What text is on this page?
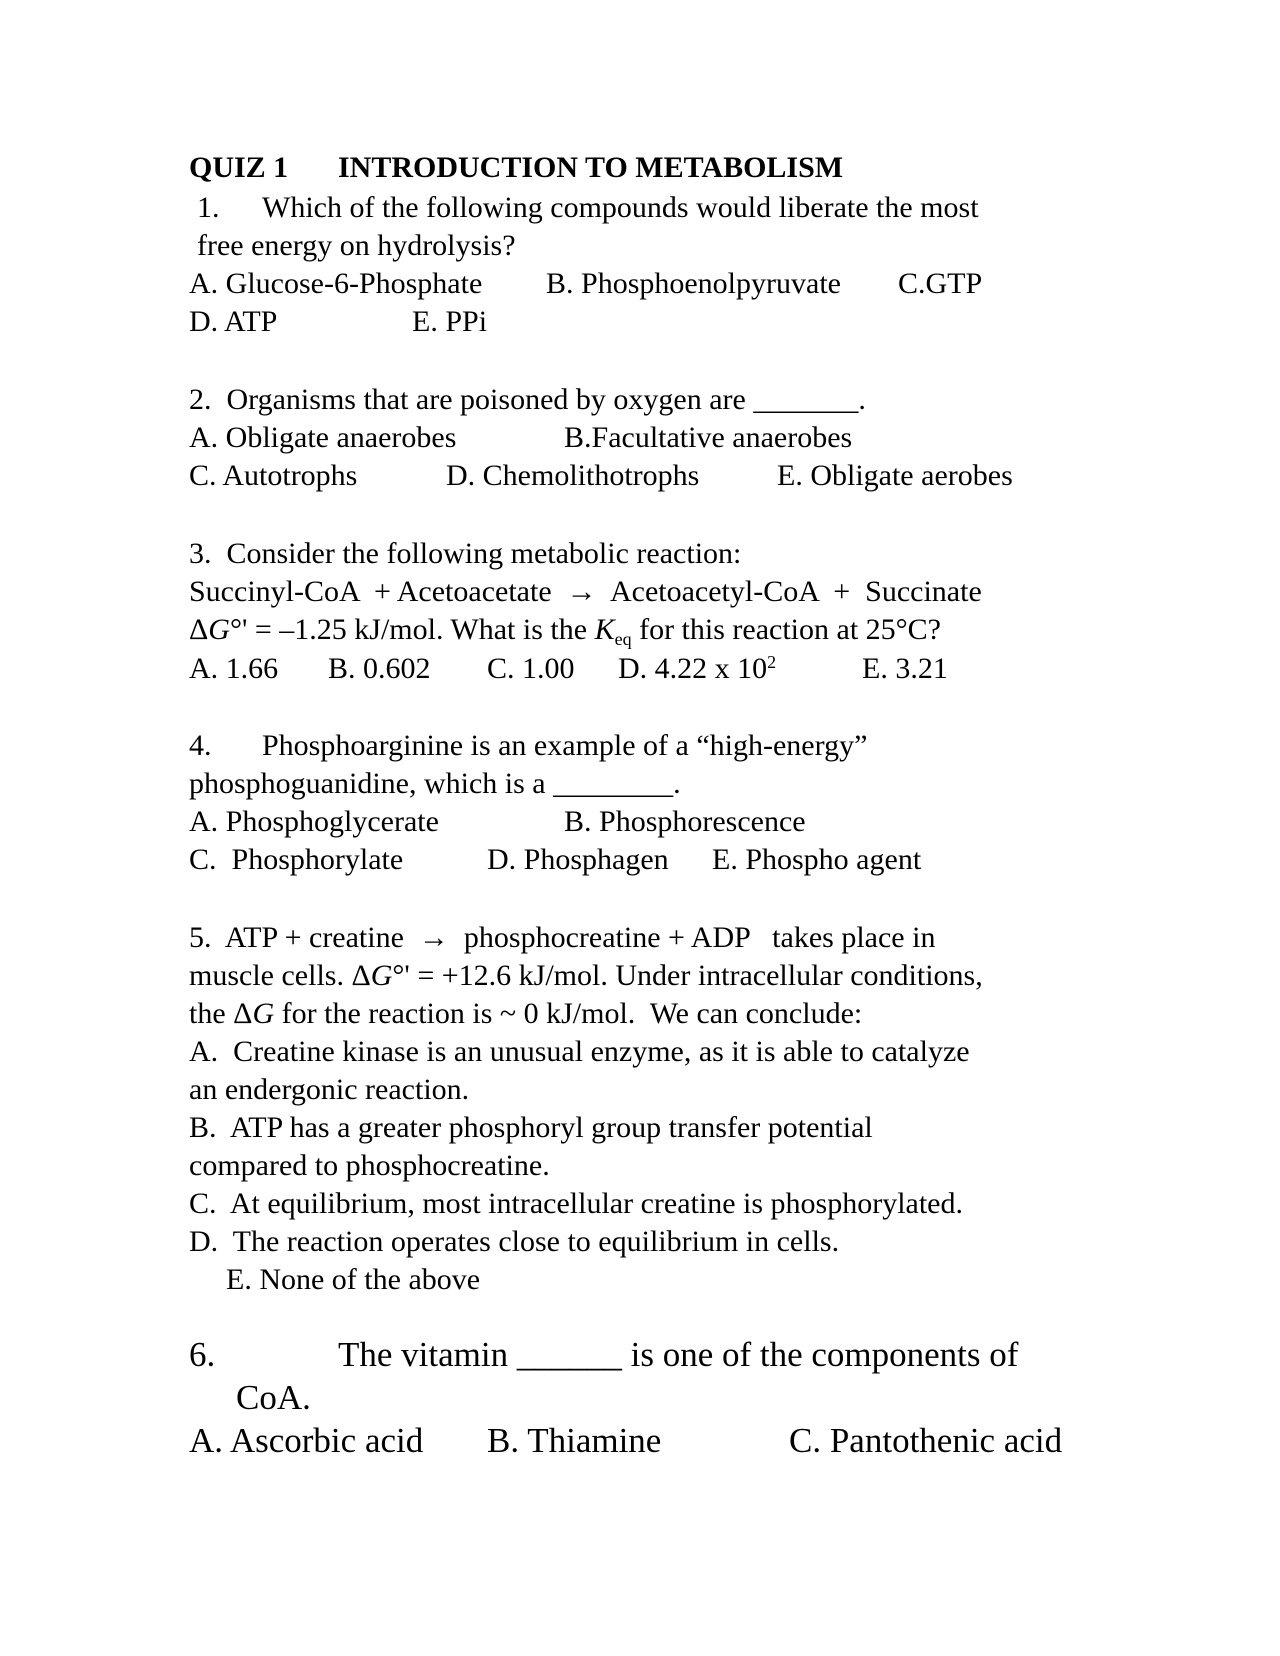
QUIZ 1 INTRODUCTION TO METABOLISM
1. Which of the following compounds would liberate the most
free energy on hydrolysis?
A. Glucose-6-Phosphate B. Phosphoenolpyruvate C.GTP
D. ATP	E. PPi
2.  Organisms that are poisoned by oxygen are _______.
A. Obligate anaerobes	B.Facultative anaerobes
C. Autotrophs	D. Chemolithotrophs	E. Obligate aerobes
3.  Consider the following metabolic reaction:
Succinyl-CoA  + Acetoacetate  →  Acetoacetyl-CoA  +  Succinate
ΔG°' = –1.25 kJ/mol. What is the $K_{eq}$ for this reaction at 25°C?
A. 1.66 B. 0.602 C. 1.00 D. 4.22 x $10^2$	E. 3.21
4. Phosphoarginine is an example of a “high-energy”
phosphoguanidine, which is a ________.
A. Phosphoglycerate	B. Phosphorescence
C.  Phosphorylate	D. Phosphagen E. Phospho agent
5.  ATP + creatine  →  phosphocreatine + ADP   takes place in
muscle cells. ΔG°' = +12.6 kJ/mol. Under intracellular conditions,
the ΔG for the reaction is ~ 0 kJ/mol.  We can conclude:
A.  Creatine kinase is an unusual enzyme, as it is able to catalyze
an endergonic reaction.
B.  ATP has a greater phosphoryl group transfer potential
compared to phosphocreatine.
C.  At equilibrium, most intracellular creatine is phosphorylated.
D.  The reaction operates close to equilibrium in cells.
E. None of the above
6.	The vitamin ______ is one of the components of
CoA.
A. Ascorbic acid B. Thiamine	C. Pantothenic acid
